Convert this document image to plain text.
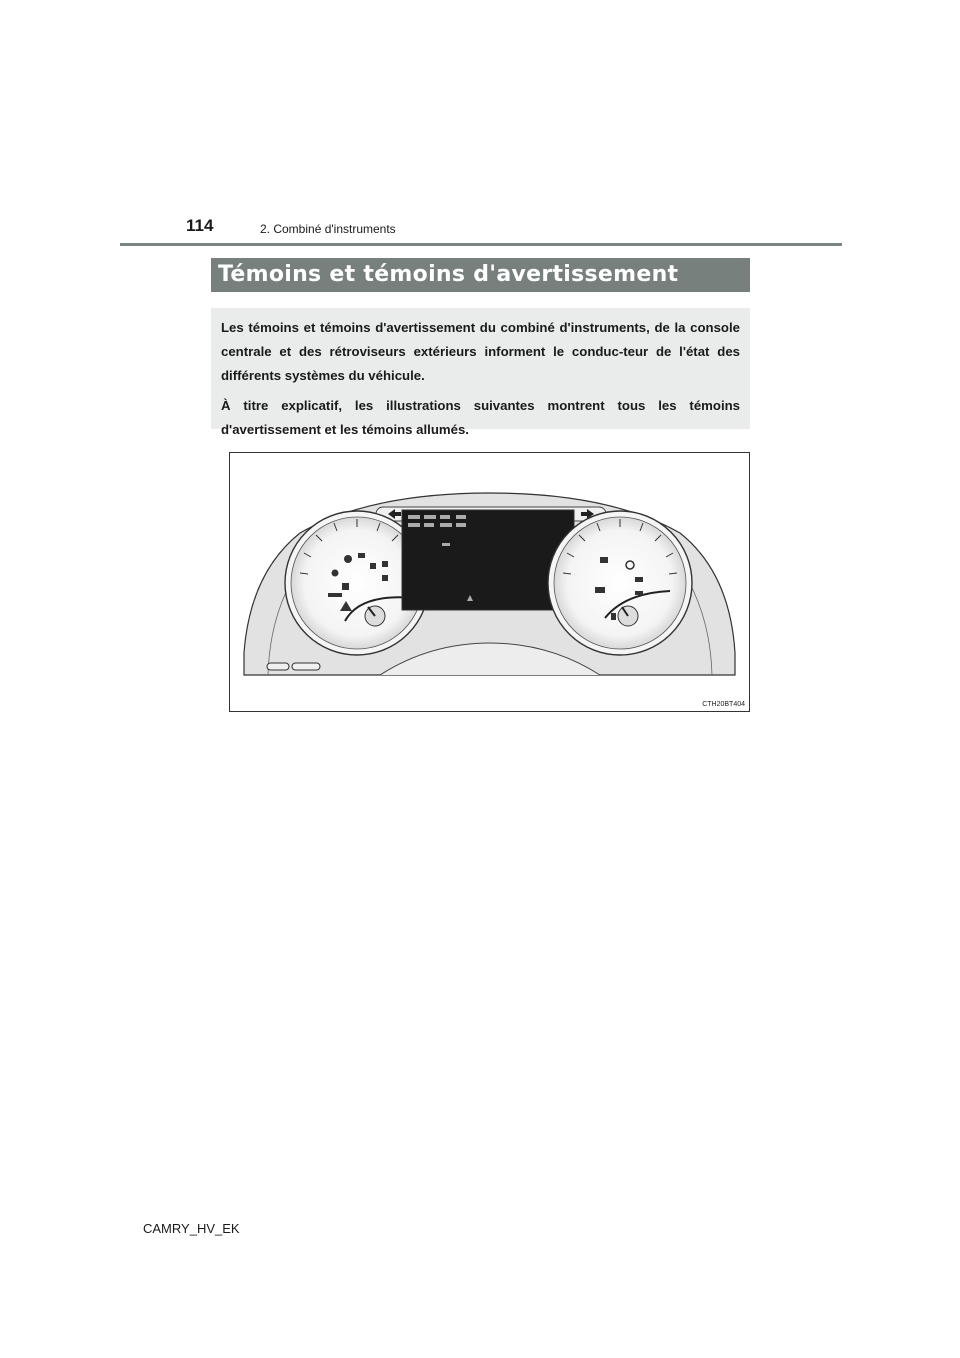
114	2. Combiné d'instruments
Témoins et témoins d'avertissement

Les témoins et témoins d'avertissement du combiné d'instruments, de la console centrale et des rétroviseurs extérieurs informent le conduc-teur de l'état des différents systèmes du véhicule.

À titre explicatif, les illustrations suivantes montrent tous les témoins d'avertissement et les témoins allumés.

CTH20BT404
CAMRY_HV_EK
